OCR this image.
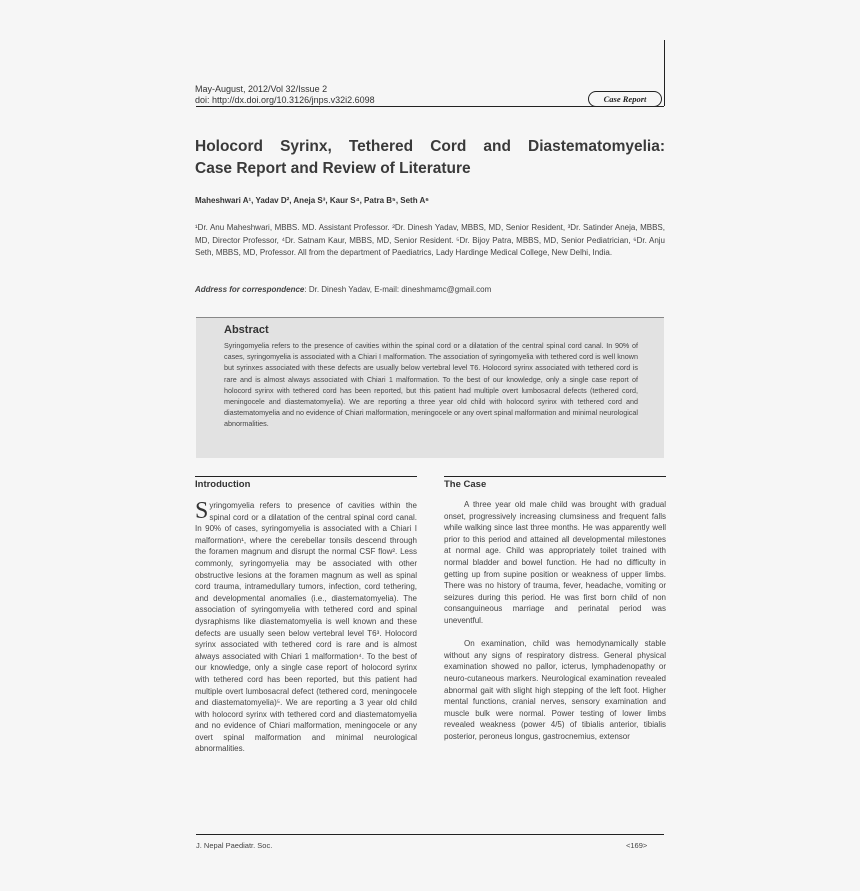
May-August, 2012/Vol 32/Issue 2
doi: http://dx.doi.org/10.3126/jnps.v32i2.6098	Case Report
Holocord Syrinx, Tethered Cord and Diastematomyelia:
Case Report and Review of Literature
Maheshwari A¹, Yadav D², Aneja S³, Kaur S⁴, Patra B⁵, Seth A⁶
¹Dr. Anu Maheshwari, MBBS. MD. Assistant Professor. ²Dr. Dinesh Yadav, MBBS, MD, Senior Resident, ³Dr. Satinder Aneja, MBBS, MD, Director Professor, ⁴Dr. Satnam Kaur, MBBS, MD, Senior Resident. ⁵Dr. Bijoy Patra, MBBS, MD, Senior Pediatrician, ⁶Dr. Anju Seth, MBBS, MD, Professor. All from the department of Paediatrics, Lady Hardinge Medical College, New Delhi, India.
Address for correspondence: Dr. Dinesh Yadav, E-mail: dineshmamc@gmail.com
Abstract
Syringomyelia refers to the presence of cavities within the spinal cord or a dilatation of the central spinal cord canal. In 90% of cases, syringomyelia is associated with a Chiari I malformation. The association of syringomyelia with tethered cord is well known but syrinxes associated with these defects are usually below vertebral level T6. Holocord syrinx associated with tethered cord is rare and is almost always associated with Chiari 1 malformation. To the best of our knowledge, only a single case report of holocord syrinx with tethered cord has been reported, but this patient had multiple overt lumbosacral defects (tethered cord, meningocele and diastematomyelia). We are reporting a three year old child with holocord syrinx with tethered cord and diastematomyelia and no evidence of Chiari malformation, meningocele or any overt spinal malformation and minimal neurological abnormalities.
Introduction

Syringomyelia refers to presence of cavities within the spinal cord or a dilatation of the central spinal cord canal. In 90% of cases, syringomyelia is associated with a Chiari I malformation¹, where the cerebellar tonsils descend through the foramen magnum and disrupt the normal CSF flow². Less commonly, syringomyelia may be associated with other obstructive lesions at the foramen magnum as well as spinal cord trauma, intramedullary tumors, infection, cord tethering, and developmental anomalies (i.e., diastematomyelia). The association of syringomyelia with tethered cord and spinal dysraphisms like diastematomyelia is well known and these defects are usually seen below vertebral level T6³. Holocord syrinx associated with tethered cord is rare and is almost always associated with Chiari 1 malformation⁴. To the best of our knowledge, only a single case report of holocord syrinx with tethered cord has been reported, but this patient had multiple overt lumbosacral defect (tethered cord, meningocele and diastematomyelia)⁵. We are reporting a 3 year old child with holocord syrinx with tethered cord and diastematomyelia and no evidence of Chiari malformation, meningocele or any overt spinal malformation and minimal neurological abnormalities.

The Case

A three year old male child was brought with gradual onset, progressively increasing clumsiness and frequent falls while walking since last three months. He was apparently well prior to this period and attained all developmental milestones at normal age. Child was appropriately toilet trained with normal bladder and bowel function. He had no difficulty in getting up from supine position or weakness of upper limbs. There was no history of trauma, fever, headache, vomiting or seizures during this period. He was first born child of non consanguineous marriage and perinatal period was uneventful.

On examination, child was hemodynamically stable without any signs of respiratory distress. General physical examination showed no pallor, icterus, lymphadenopathy or neuro-cutaneous markers. Neurological examination revealed abnormal gait with slight high stepping of the left foot. Higher mental functions, cranial nerves, sensory examination and muscle bulk were normal. Power testing of lower limbs revealed weakness (power 4/5) of tibialis anterior, tibialis posterior, peroneus longus, gastrocnemius, extensor

J. Nepal Paediatr. Soc.	<169>
